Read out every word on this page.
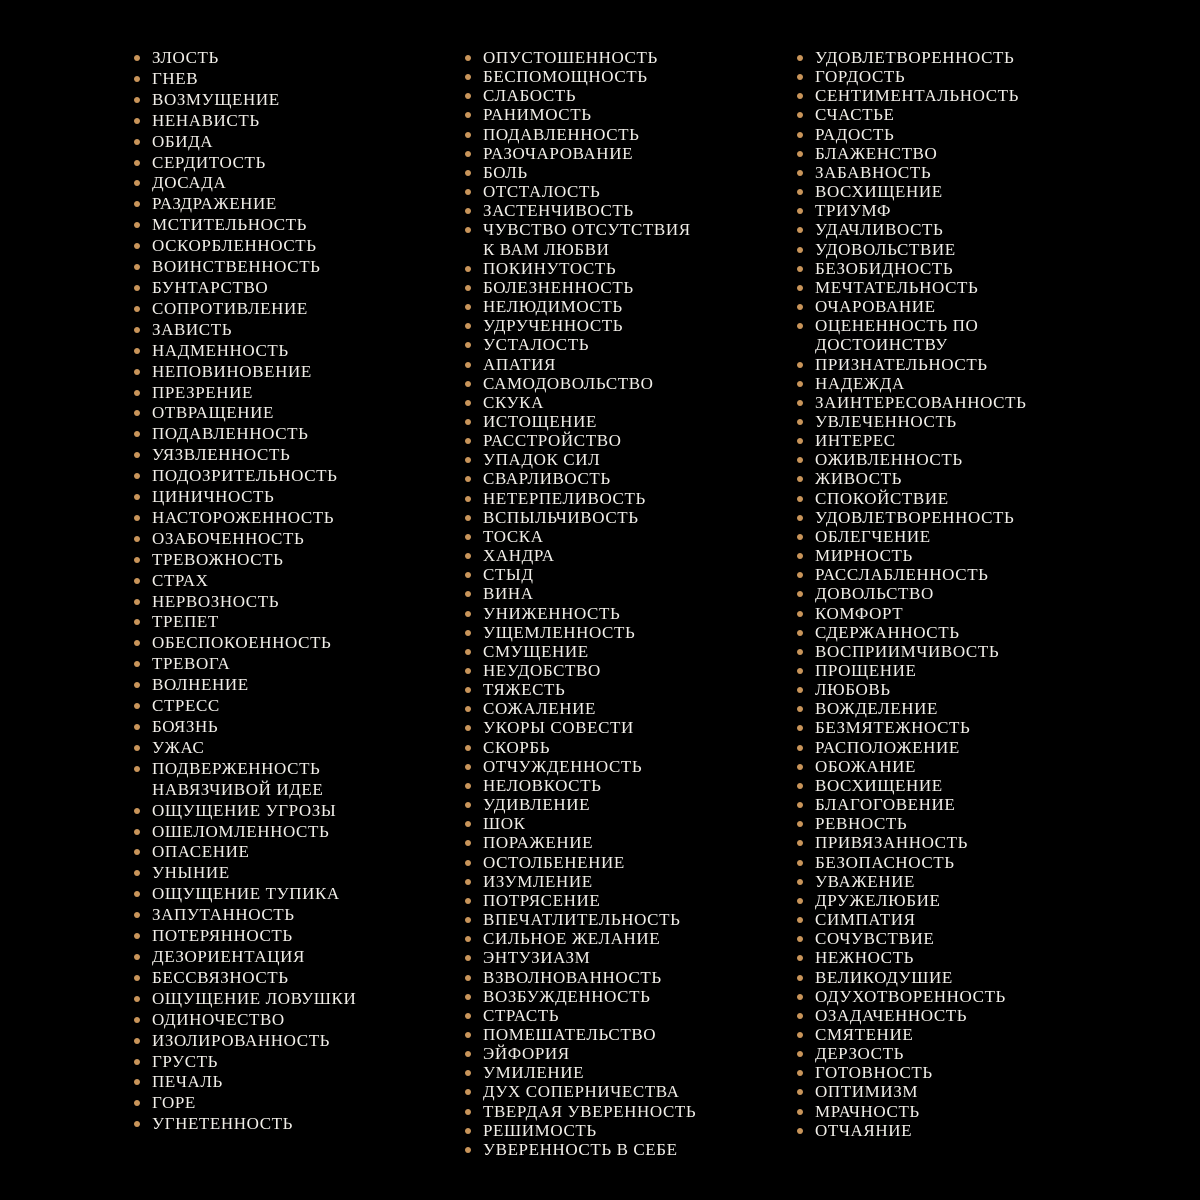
ЗЛОСТЬ
ГНЕВ
ВОЗМУЩЕНИЕ
НЕНАВИСТЬ
ОБИДА
СЕРДИТОСТЬ
ДОСАДА
РАЗДРАЖЕНИЕ
МСТИТЕЛЬНОСТЬ
ОСКОРБЛЕННОСТЬ
ВОИНСТВЕННОСТЬ
БУНТАРСТВО
СОПРОТИВЛЕНИЕ
ЗАВИСТЬ
НАДМЕННОСТЬ
НЕПОВИНОВЕНИЕ
ПРЕЗРЕНИЕ
ОТВРАЩЕНИЕ
ПОДАВЛЕННОСТЬ
УЯЗВЛЕННОСТЬ
ПОДОЗРИТЕЛЬНОСТЬ
ЦИНИЧНОСТЬ
НАСТОРОЖЕННОСТЬ
ОЗАБОЧЕННОСТЬ
ТРЕВОЖНОСТЬ
СТРАХ
НЕРВОЗНОСТЬ
ТРЕПЕТ
ОБЕСПОКОЕННОСТЬ
ТРЕВОГА
ВОЛНЕНИЕ
СТРЕСС
БОЯЗНЬ
УЖАС
ПОДВЕРЖЕННОСТЬ
НАВЯЗЧИВОЙ ИДЕЕ
ОЩУЩЕНИЕ УГРОЗЫ
ОШЕЛОМЛЕННОСТЬ
ОПАСЕНИЕ
УНЫНИЕ
ОЩУЩЕНИЕ ТУПИКА
ЗАПУТАННОСТЬ
ПОТЕРЯННОСТЬ
ДЕЗОРИЕНТАЦИЯ
БЕССВЯЗНОСТЬ
ОЩУЩЕНИЕ ЛОВУШКИ
ОДИНОЧЕСТВО
ИЗОЛИРОВАННОСТЬ
ГРУСТЬ
ПЕЧАЛЬ
ГОРЕ
УГНЕТЕННОСТЬ
ОПУСТОШЕННОСТЬ
БЕСПОМОЩНОСТЬ
СЛАБОСТЬ
РАНИМОСТЬ
ПОДАВЛЕННОСТЬ
РАЗОЧАРОВАНИЕ
БОЛЬ
ОТСТАЛОСТЬ
ЗАСТЕНЧИВОСТЬ
ЧУВСТВО ОТСУТСТВИЯ
К ВАМ ЛЮБВИ
ПОКИНУТОСТЬ
БОЛЕЗНЕННОСТЬ
НЕЛЮДИМОСТЬ
УДРУЧЕННОСТЬ
УСТАЛОСТЬ
АПАТИЯ
САМОДОВОЛЬСТВО
СКУКА
ИСТОЩЕНИЕ
РАССТРОЙСТВО
УПАДОК СИЛ
СВАРЛИВОСТЬ
НЕТЕРПЕЛИВОСТЬ
ВСПЫЛЬЧИВОСТЬ
ТОСКА
ХАНДРА
СТЫД
ВИНА
УНИЖЕННОСТЬ
УЩЕМЛЕННОСТЬ
СМУЩЕНИЕ
НЕУДОБСТВО
ТЯЖЕСТЬ
СОЖАЛЕНИЕ
УКОРЫ СОВЕСТИ
СКОРБЬ
ОТЧУЖДЕННОСТЬ
НЕЛОВКОСТЬ
УДИВЛЕНИЕ
ШОК
ПОРАЖЕНИЕ
ОСТОЛБЕНЕНИЕ
ИЗУМЛЕНИЕ
ПОТРЯСЕНИЕ
ВПЕЧАТЛИТЕЛЬНОСТЬ
СИЛЬНОЕ ЖЕЛАНИЕ
ЭНТУЗИАЗМ
ВЗВОЛНОВАННОСТЬ
ВОЗБУЖДЕННОСТЬ
СТРАСТЬ
ПОМЕШАТЕЛЬСТВО
ЭЙФОРИЯ
УМИЛЕНИЕ
ДУХ СОПЕРНИЧЕСТВА
ТВЕРДАЯ УВЕРЕННОСТЬ
РЕШИМОСТЬ
УВЕРЕННОСТЬ В СЕБЕ
УДОВЛЕТВОРЕННОСТЬ
ГОРДОСТЬ
СЕНТИМЕНТАЛЬНОСТЬ
СЧАСТЬЕ
РАДОСТЬ
БЛАЖЕНСТВО
ЗАБАВНОСТЬ
ВОСХИЩЕНИЕ
ТРИУМФ
УДАЧЛИВОСТЬ
УДОВОЛЬСТВИЕ
БЕЗОБИДНОСТЬ
МЕЧТАТЕЛЬНОСТЬ
ОЧАРОВАНИЕ
ОЦЕНЕННОСТЬ ПО
ДОСТОИНСТВУ
ПРИЗНАТЕЛЬНОСТЬ
НАДЕЖДА
ЗАИНТЕРЕСОВАННОСТЬ
УВЛЕЧЕННОСТЬ
ИНТЕРЕС
ОЖИВЛЕННОСТЬ
ЖИВОСТЬ
СПОКОЙСТВИЕ
УДОВЛЕТВОРЕННОСТЬ
ОБЛЕГЧЕНИЕ
МИРНОСТЬ
РАССЛАБЛЕННОСТЬ
ДОВОЛЬСТВО
КОМФОРТ
СДЕРЖАННОСТЬ
ВОСПРИИМЧИВОСТЬ
ПРОЩЕНИЕ
ЛЮБОВЬ
ВОЖДЕЛЕНИЕ
БЕЗМЯТЕЖНОСТЬ
РАСПОЛОЖЕНИЕ
ОБОЖАНИЕ
ВОСХИЩЕНИЕ
БЛАГОГОВЕНИЕ
РЕВНОСТЬ
ПРИВЯЗАННОСТЬ
БЕЗОПАСНОСТЬ
УВАЖЕНИЕ
ДРУЖЕЛЮБИЕ
СИМПАТИЯ
СОЧУВСТВИЕ
НЕЖНОСТЬ
ВЕЛИКОДУШИЕ
ОДУХОТВОРЕННОСТЬ
ОЗАДАЧЕННОСТЬ
СМЯТЕНИЕ
ДЕРЗОСТЬ
ГОТОВНОСТЬ
ОПТИМИЗМ
МРАЧНОСТЬ
ОТЧАЯНИЕ
